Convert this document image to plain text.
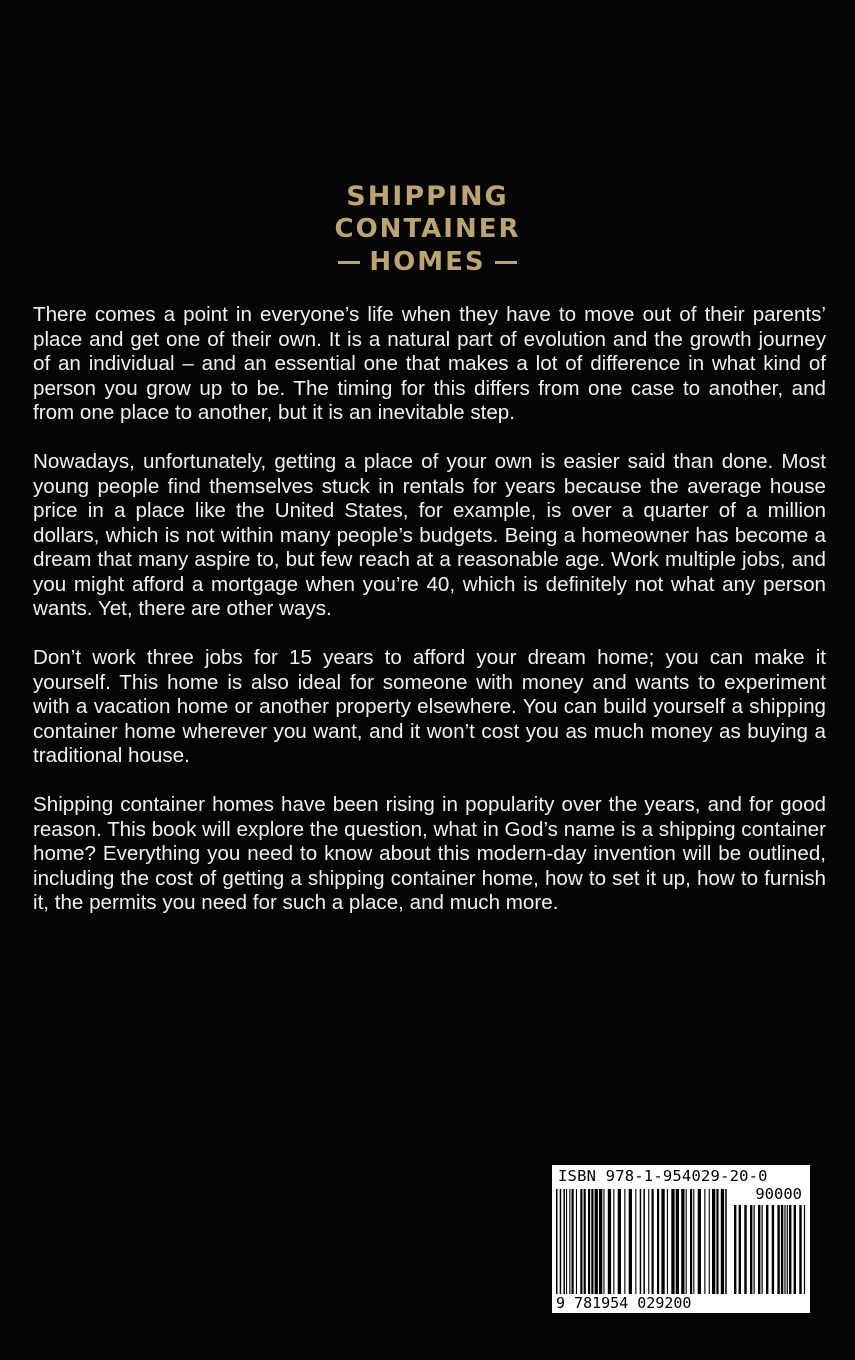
SHIPPING
CONTAINER
HOMES

There comes a point in everyone’s life when they have to move out of their parents’ place and get one of their own. It is a natural part of evolution and the growth journey of an individual – and an essential one that makes a lot of difference in what kind of person you grow up to be. The timing for this differs from one case to another, and from one place to another, but it is an inevitable step.

Nowadays, unfortunately, getting a place of your own is easier said than done. Most young people find themselves stuck in rentals for years because the average house price in a place like the United States, for example, is over a quarter of a million dollars, which is not within many people’s budgets. Being a homeowner has become a dream that many aspire to, but few reach at a reasonable age. Work multiple jobs, and you might afford a mortgage when you’re 40, which is definitely not what any person wants. Yet, there are other ways.

Don’t work three jobs for 15 years to afford your dream home; you can make it yourself. This home is also ideal for someone with money and wants to experiment with a vacation home or another property elsewhere. You can build yourself a shipping container home wherever you want, and it won’t cost you as much money as buying a traditional house.

Shipping container homes have been rising in popularity over the years, and for good reason. This book will explore the question, what in God’s name is a shipping container home? Everything you need to know about this modern-day invention will be outlined, including the cost of getting a shipping container home, how to set it up, how to furnish it, the permits you need for such a place, and much more.

ISBN 978-1-954029-20-0
90000
9 781954 029200
